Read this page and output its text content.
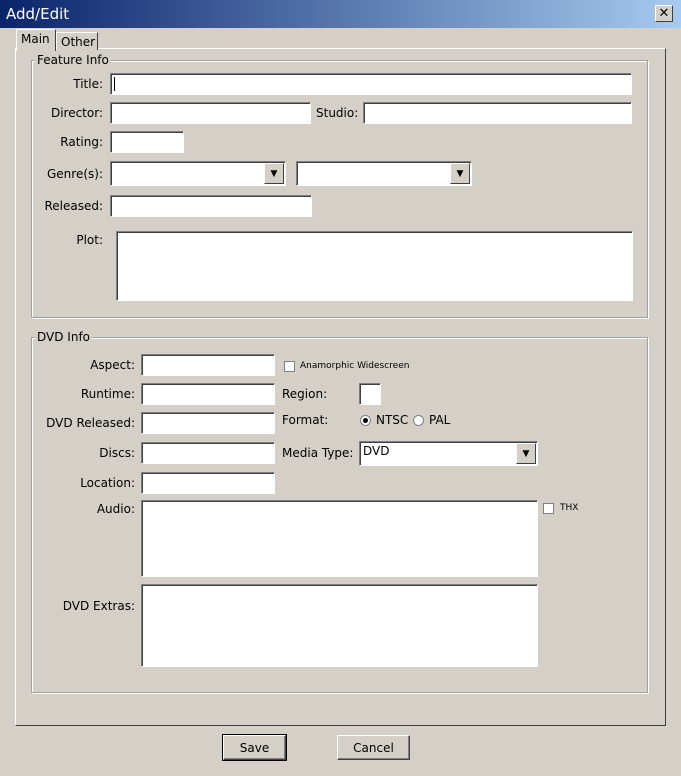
Add/Edit	✕
Main Other
Feature Info
Title:
Director:	Studio:
Rating:
Genre(s):	▼	▼
Released:
Plot:
DVD Info
Aspect:	Anamorphic Widescreen
Runtime:	Region:
DVD Released:	Format:	NTSC PAL
Discs:	Media Type: DVD	▼
Location:
Audio:	THX
DVD Extras:
Save	Cancel
